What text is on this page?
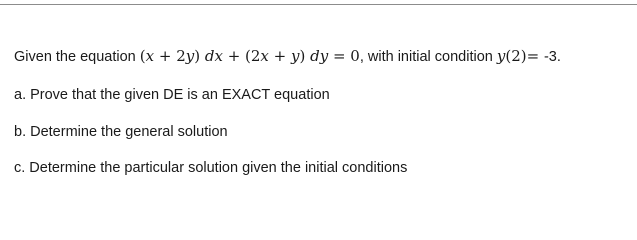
Given the equation (x + 2y) dx + (2x + y) dy = 0, with initial condition y(2)= -3.
a. Prove that the given DE is an EXACT equation
b. Determine the general solution
c. Determine the particular solution given the initial conditions
